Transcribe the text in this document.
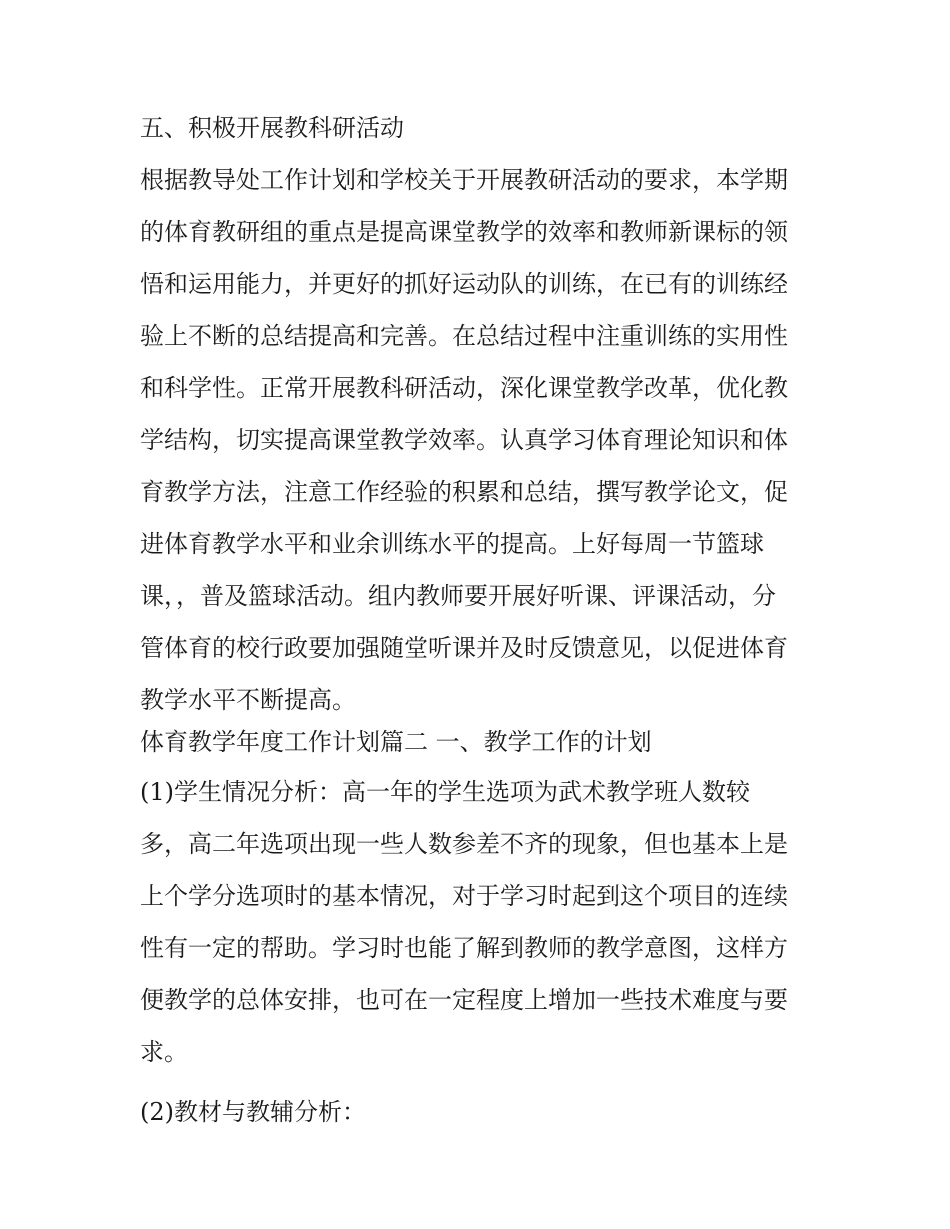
五、积极开展教科研活动
根据教导处工作计划和学校关于开展教研活动的要求，本学期
的体育教研组的重点是提高课堂教学的效率和教师新课标的领
悟和运用能力，并更好的抓好运动队的训练，在已有的训练经
验上不断的总结提高和完善。在总结过程中注重训练的实用性
和科学性。正常开展教科研活动，深化课堂教学改革，优化教
学结构，切实提高课堂教学效率。认真学习体育理论知识和体
育教学方法，注意工作经验的积累和总结，撰写教学论文，促
进体育教学水平和业余训练水平的提高。上好每周一节篮球
课，，普及篮球活动。组内教师要开展好听课、评课活动，分
管体育的校行政要加强随堂听课并及时反馈意见，以促进体育
教学水平不断提高。
体育教学年度工作计划篇二 一、教学工作的计划
(1)学生情况分析：高一年的学生选项为武术教学班人数较
多，高二年选项出现一些人数参差不齐的现象，但也基本上是
上个学分选项时的基本情况，对于学习时起到这个项目的连续
性有一定的帮助。学习时也能了解到教师的教学意图，这样方
便教学的总体安排，也可在一定程度上增加一些技术难度与要
求。
(2)教材与教辅分析：
